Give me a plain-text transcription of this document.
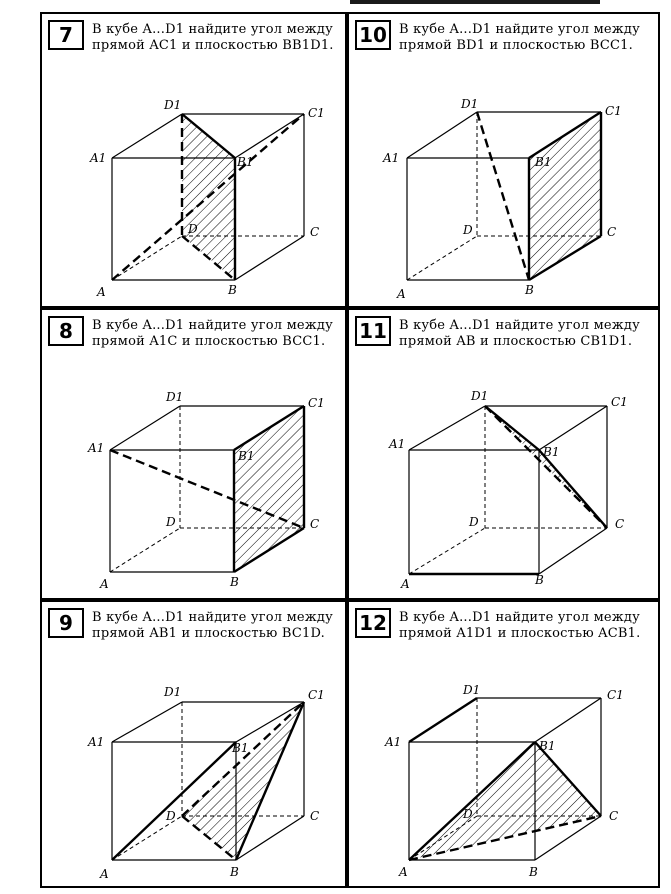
7	В кубе A...D1 найдите угол между прямой AC1 и плоскостью BB1D1.
A1
D1
C1
B1
D	C
A	B
10 В кубе A...D1 найдите угол между прямой BD1 и плоскостью BCC1.
A1
D1	C1
B1
D	C
A	B
8	В кубе A...D1 найдите угол между прямой A1C и плоскостью BCC1.
A1
D1	C1
B1
D	C
A	B
11 В кубе A...D1 найдите угол между прямой AB и плоскостью CB1D1.
A1
D1	C1
B1
D	C
A	B
9	В кубе A...D1 найдите угол между прямой AB1 и плоскостью BC1D.
A1
D1	C1
B1
D	C
A	B
12 В кубе A...D1 найдите угол между прямой A1D1 и плоскостью ACB1.
A1
D1	C1
B1
D	C
A	B
